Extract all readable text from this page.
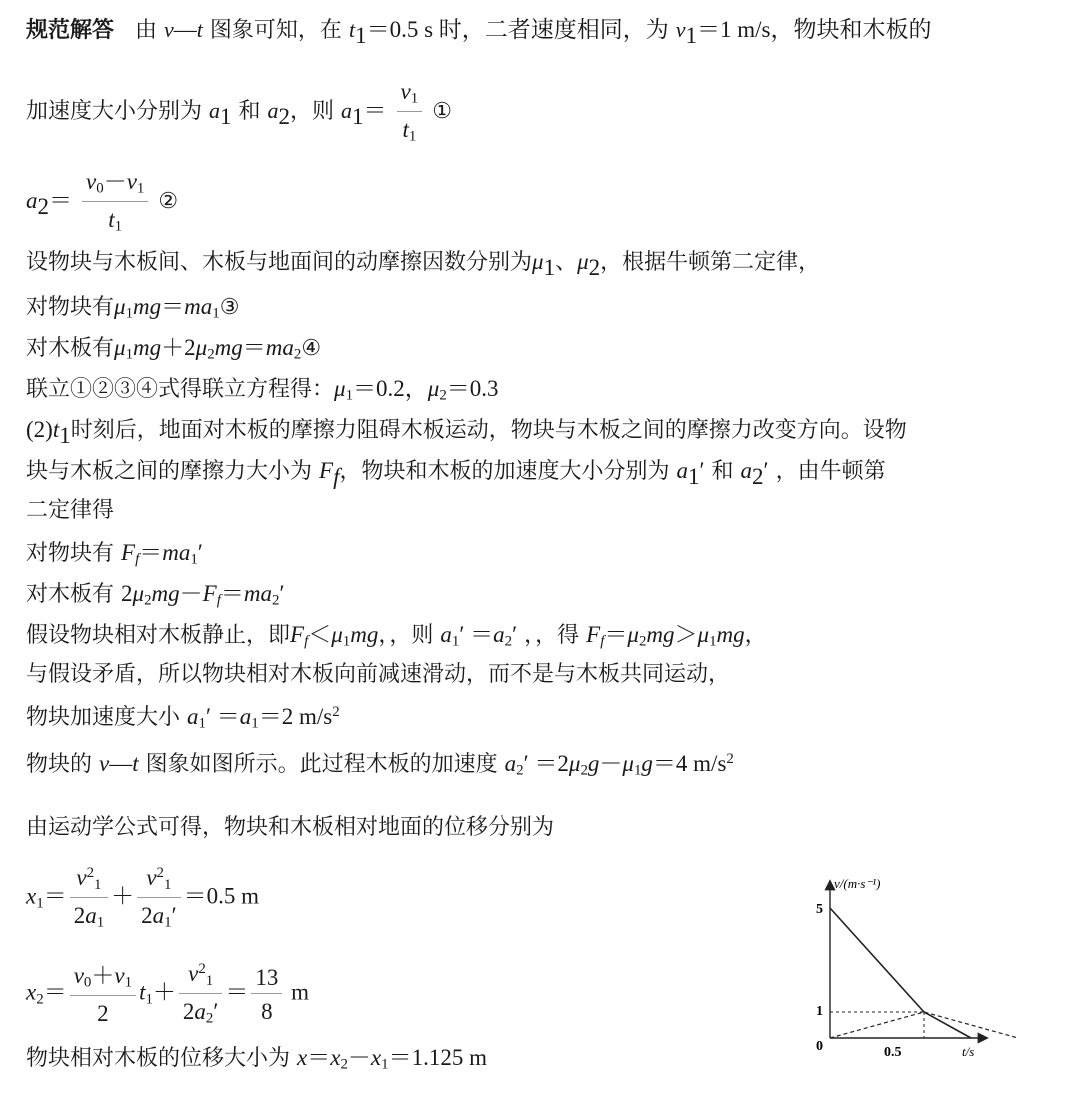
规范解答 由 v—t 图象可知，在 $t_1=0.5$ s 时，二者速度相同，为 $v_1=1$ m/s，物块和木板的
加速度大小分别为 $a_1$ 和 $a_2$，则 $a_1= \frac{v_1}{t_1}$ ①
$a_2= \frac{v_0-v_1}{t_1}$ ②
设物块与木板间、木板与地面间的动摩擦因数分别为$\mu_1$、$\mu_2$，根据牛顿第二定律，
对物块有$\mu_1mg=ma_1③$
对木板有$\mu_1mg+2\mu_2mg=ma_2④$
联立①②③④式得联立方程得：$\mu_1=0.2$，$\mu_2=0.3$
$(2)t_1$时刻后，地面对木板的摩擦力阻碍木板运动，物块与木板之间的摩擦力改变方向。设物
块与木板之间的摩擦力大小为 $F_f$，物块和木板的加速度大小分别为 $a_1'$ 和 $a_2'$ ，由牛顿第
二定律得
对物块有 $F_f=ma_1'$
对木板有 $2\mu_2mg-F_f=ma_2'$
假设物块相对木板静止，即$F_f<\mu_1mg$，，则 $a_1' =a_2'$ ，，得 $F_f=\mu_2mg>\mu_1mg$，
与假设矛盾，所以物块相对木板向前减速滑动，而不是与木板共同运动，
物块加速度大小 $a_1' =a_1=2$ $m/s^2$
物块的 v—t 图象如图所示。此过程木板的加速度 $a_2' =2\mu_2g-\mu_1g=4$ $m/s^2$
由运动学公式可得，物块和木板相对地面的位移分别为
$x_1= \frac{v^2_1}{2a_1} + \frac{v^2_1}{2a_1'} =0.5$ m
$x_2= \frac{v_0+v_1}{2} t_1+ \frac{v^2_1}{2a_2'} = \frac{13}{8}$ m
物块相对木板的位移大小为 $x=x_2-x_1=1.125$ m
v/(m·s⁻¹)
t/s
5
1
0	0.5
